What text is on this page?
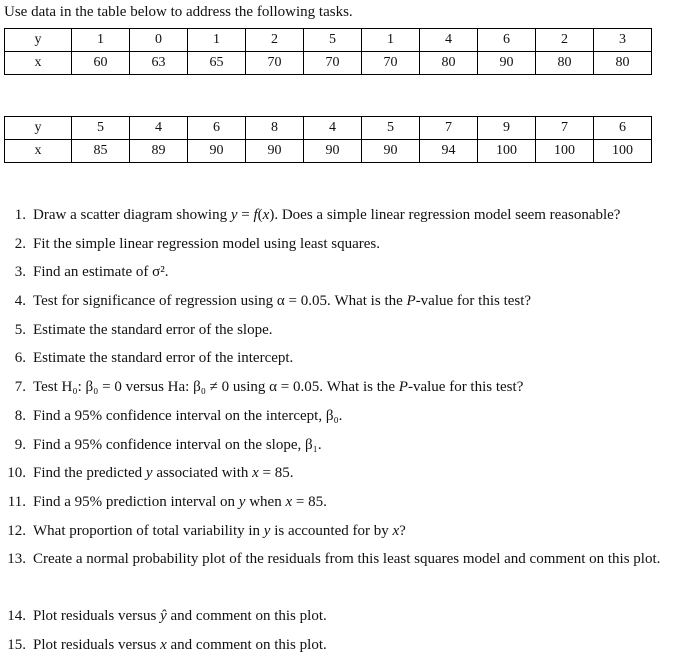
Use data in the table below to address the following tasks.
y	1	0	1	2	5	1	4	6	2	3
x	60	63	65	70	70	70	80	90	80	80
y	5	4	6	8	4	5	7	9	7	6
x	85	89	90	90	90	90	94	100	100	100
1. Draw a scatter diagram showing y = f(x). Does a simple linear regression model seem reasonable?
2. Fit the simple linear regression model using least squares.
3. Find an estimate of σ².
4. Test for significance of regression using α = 0.05. What is the P-value for this test?
5. Estimate the standard error of the slope.
6. Estimate the standard error of the intercept.
7. Test H₀: β₀ = 0 versus Ha: β₀ ≠ 0 using α = 0.05. What is the P-value for this test?
8. Find a 95% confidence interval on the intercept, β₀.
9. Find a 95% confidence interval on the slope, β₁.
10. Find the predicted y associated with x = 85.
11. Find a 95% prediction interval on y when x = 85.
12. What proportion of total variability in y is accounted for by x?
13. Create a normal probability plot of the residuals from this least squares model and comment on this plot.
14. Plot residuals versus ŷ and comment on this plot.
15. Plot residuals versus x and comment on this plot.
